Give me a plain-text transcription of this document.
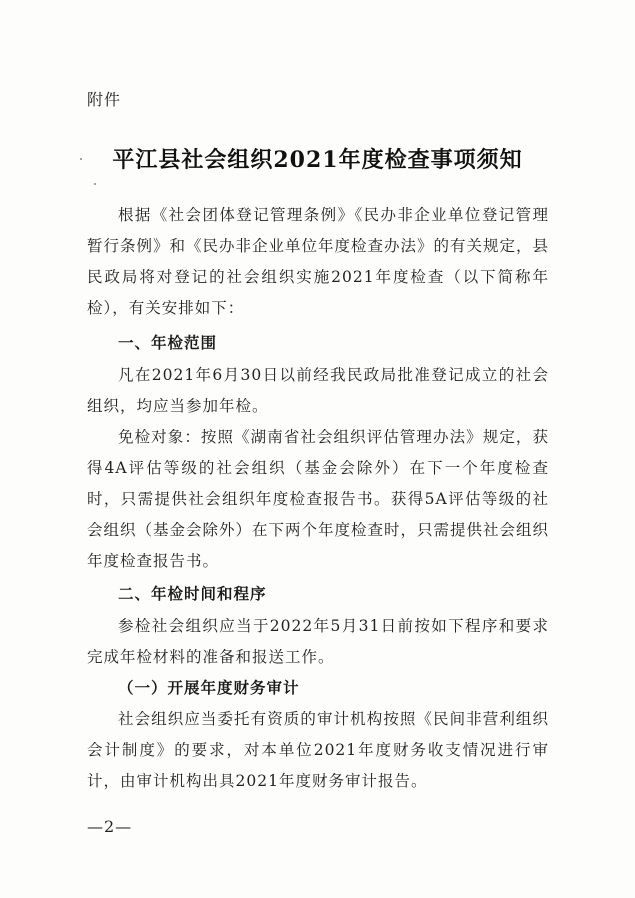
附件
平江县社会组织2021年度检查事项须知

根据《社会团体登记管理条例》《民办非企业单位登记管理暂行条例》和《民办非企业单位年度检查办法》的有关规定，县民政局将对登记的社会组织实施2021年度检查（以下简称年检），有关安排如下：

一、年检范围

凡在2021年6月30日以前经我民政局批准登记成立的社会组织，均应当参加年检。

免检对象：按照《湖南省社会组织评估管理办法》规定，获得4A评估等级的社会组织（基金会除外）在下一个年度检查时，只需提供社会组织年度检查报告书。获得5A评估等级的社会组织（基金会除外）在下两个年度检查时，只需提供社会组织年度检查报告书。

二、年检时间和程序

参检社会组织应当于2022年5月31日前按如下程序和要求完成年检材料的准备和报送工作。

（一）开展年度财务审计

社会组织应当委托有资质的审计机构按照《民间非营利组织会计制度》的要求，对本单位2021年度财务收支情况进行审计，由审计机构出具2021年度财务审计报告。

—2—
